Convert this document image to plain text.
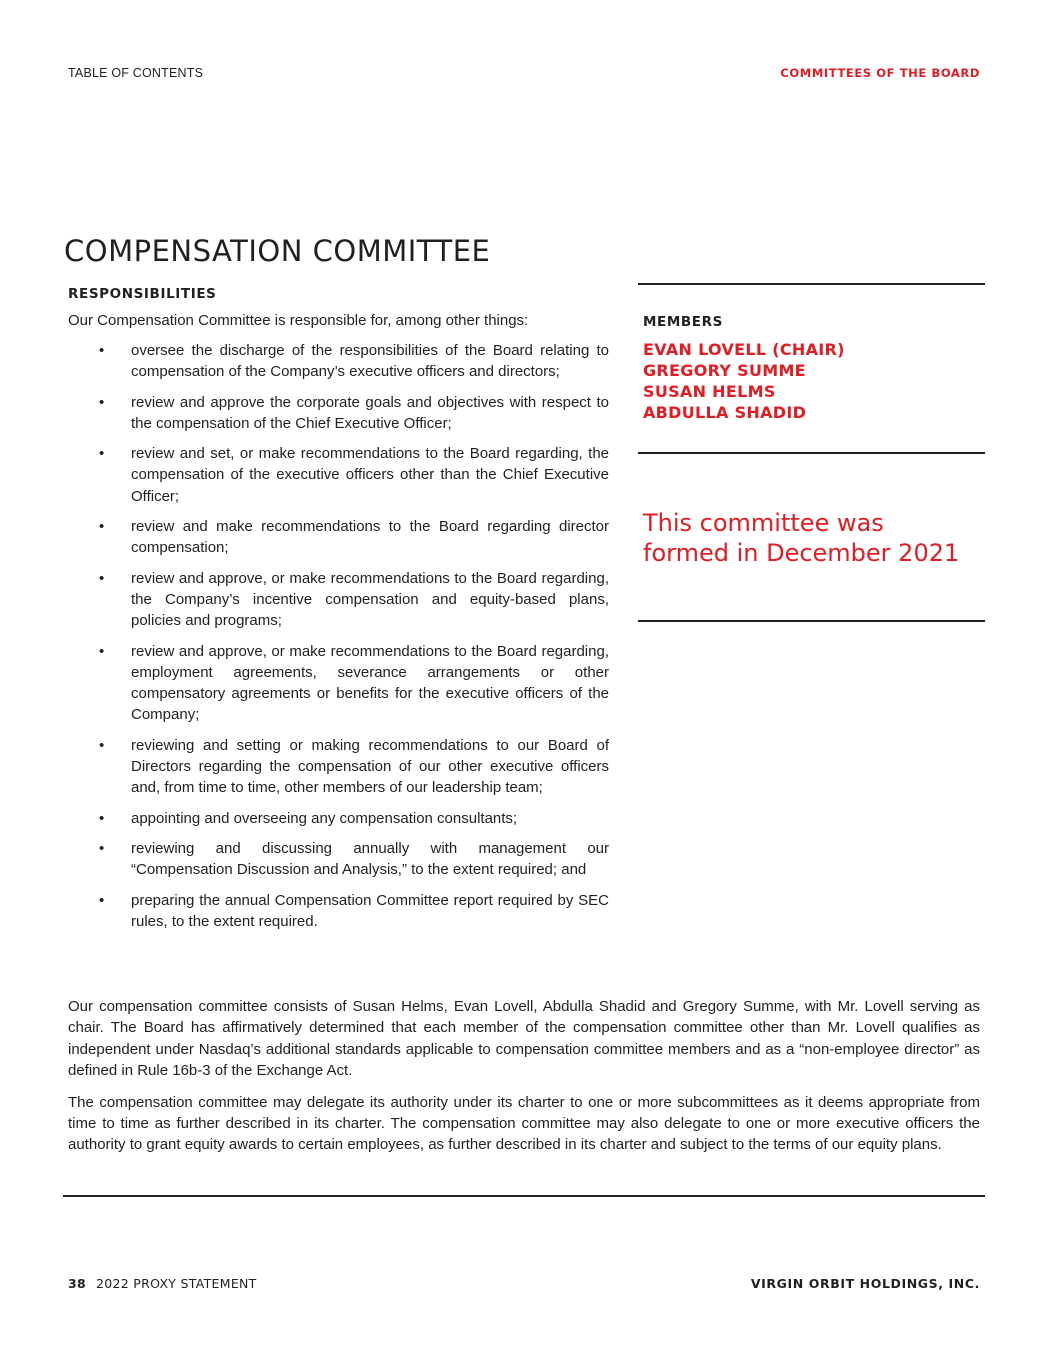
TABLE OF CONTENTS	COMMITTEES OF THE BOARD
COMPENSATION COMMITTEE
RESPONSIBILITIES

Our Compensation Committee is responsible for, among other things:

• oversee the discharge of the responsibilities of the Board relating to compensation of the Company’s executive officers and directors;
• review and approve the corporate goals and objectives with respect to the compensation of the Chief Executive Officer;
• review and set, or make recommendations to the Board regarding, the compensation of the executive officers other than the Chief Executive Officer;
• review and make recommendations to the Board regarding director compensation;
• review and approve, or make recommendations to the Board regarding, the Company’s incentive compensation and equity-based plans, policies and programs;
• review and approve, or make recommendations to the Board regarding, employment agreements, severance arrangements or other compensatory agreements or benefits for the executive officers of the Company;
• reviewing and setting or making recommendations to our Board of Directors regarding the compensation of our other executive officers and, from time to time, other members of our leadership team;
• appointing and overseeing any compensation consultants;
• reviewing and discussing annually with management our “Compensation Discussion and Analysis,” to the extent required; and
• preparing the annual Compensation Committee report required by SEC rules, to the extent required.
MEMBERS
EVAN LOVELL (CHAIR)
GREGORY SUMME
SUSAN HELMS
ABDULLA SHADID
This committee was
formed in December 2021

Our compensation committee consists of Susan Helms, Evan Lovell, Abdulla Shadid and Gregory Summe, with Mr. Lovell serving as chair. The Board has affirmatively determined that each member of the compensation committee other than Mr. Lovell qualifies as independent under Nasdaq’s additional standards applicable to compensation committee members and as a “non-employee director” as defined in Rule 16b-3 of the Exchange Act.

The compensation committee may delegate its authority under its charter to one or more subcommittees as it deems appropriate from time to time as further described in its charter. The compensation committee may also delegate to one or more executive officers the authority to grant equity awards to certain employees, as further described in its charter and subject to the terms of our equity plans.

38 2022 PROXY STATEMENT	VIRGIN ORBIT HOLDINGS, INC.
